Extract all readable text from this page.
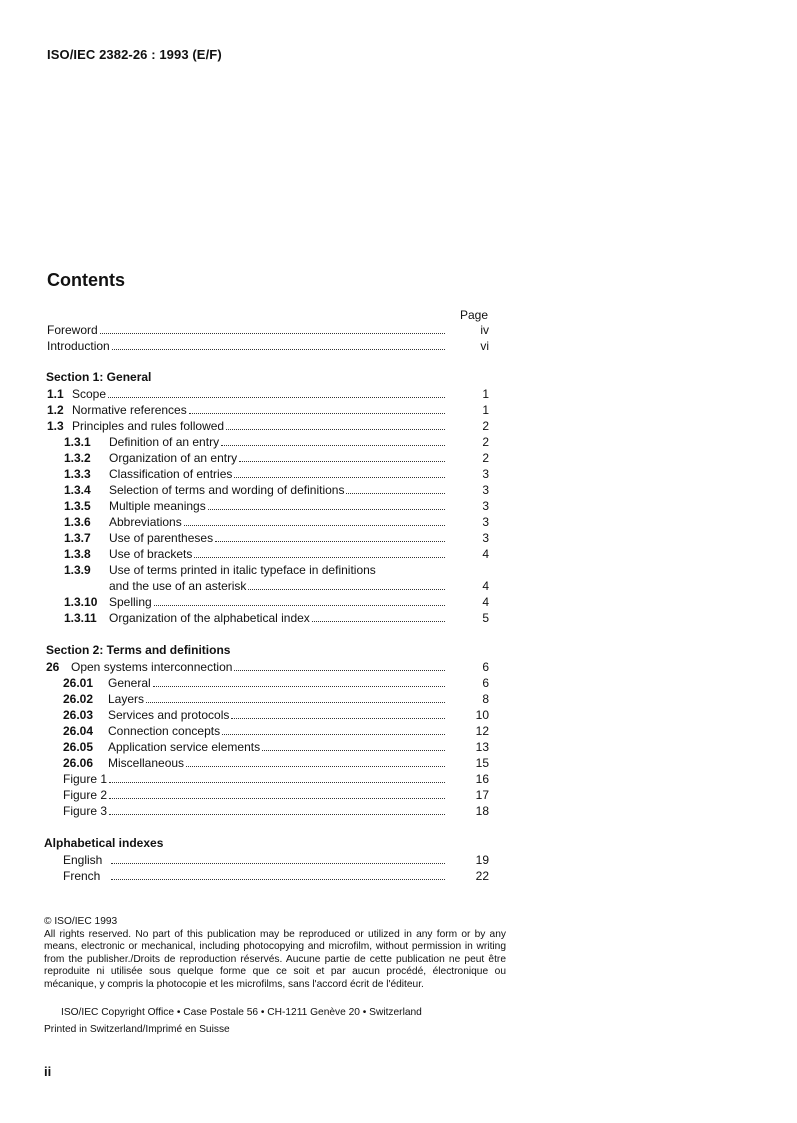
ISO/IEC 2382-26 : 1993 (E/F)
Contents
Page
Foreword	iv
Introduction	vi
Section 1: General
1.1 Scope	1
1.2 Normative references	1
1.3 Principles and rules followed	2
1.3.1	Definition of an entry	2
1.3.2	Organization of an entry	2
1.3.3	Classification of entries	3
1.3.4	Selection of terms and wording of definitions	3
1.3.5	Multiple meanings	3
1.3.6	Abbreviations	3
1.3.7	Use of parentheses	3
1.3.8	Use of brackets	4
1.3.9	Use of terms printed in italic typeface in definitions
and the use of an asterisk	4
1.3.10 Spelling	4
1.3.11	Organization of the alphabetical index	5
Section 2: Terms and definitions
26 Open systems interconnection	6
26.01	General	6
26.02	Layers	8
26.03	Services and protocols	10
26.04	Connection concepts	12
26.05	Application service elements	13
26.06	Miscellaneous	15
Figure 1	16
Figure 2	17
Figure 3	18
Alphabetical indexes
English	19
French	22
© ISO/IEC 1993
All rights reserved. No part of this publication may be reproduced or utilized in any form or by any means, electronic or mechanical, including photocopying and microfilm, without permission in writing from the publisher./Droits de reproduction réservés. Aucune partie de cette publication ne peut être reproduite ni utilisée sous quelque forme que ce soit et par aucun procédé, électronique ou mécanique, y compris la photocopie et les microfilms, sans l'accord écrit de l'éditeur.
ISO/IEC Copyright Office • Case Postale 56 • CH-1211 Genève 20 • Switzerland
Printed in Switzerland/Imprimé en Suisse
ii
